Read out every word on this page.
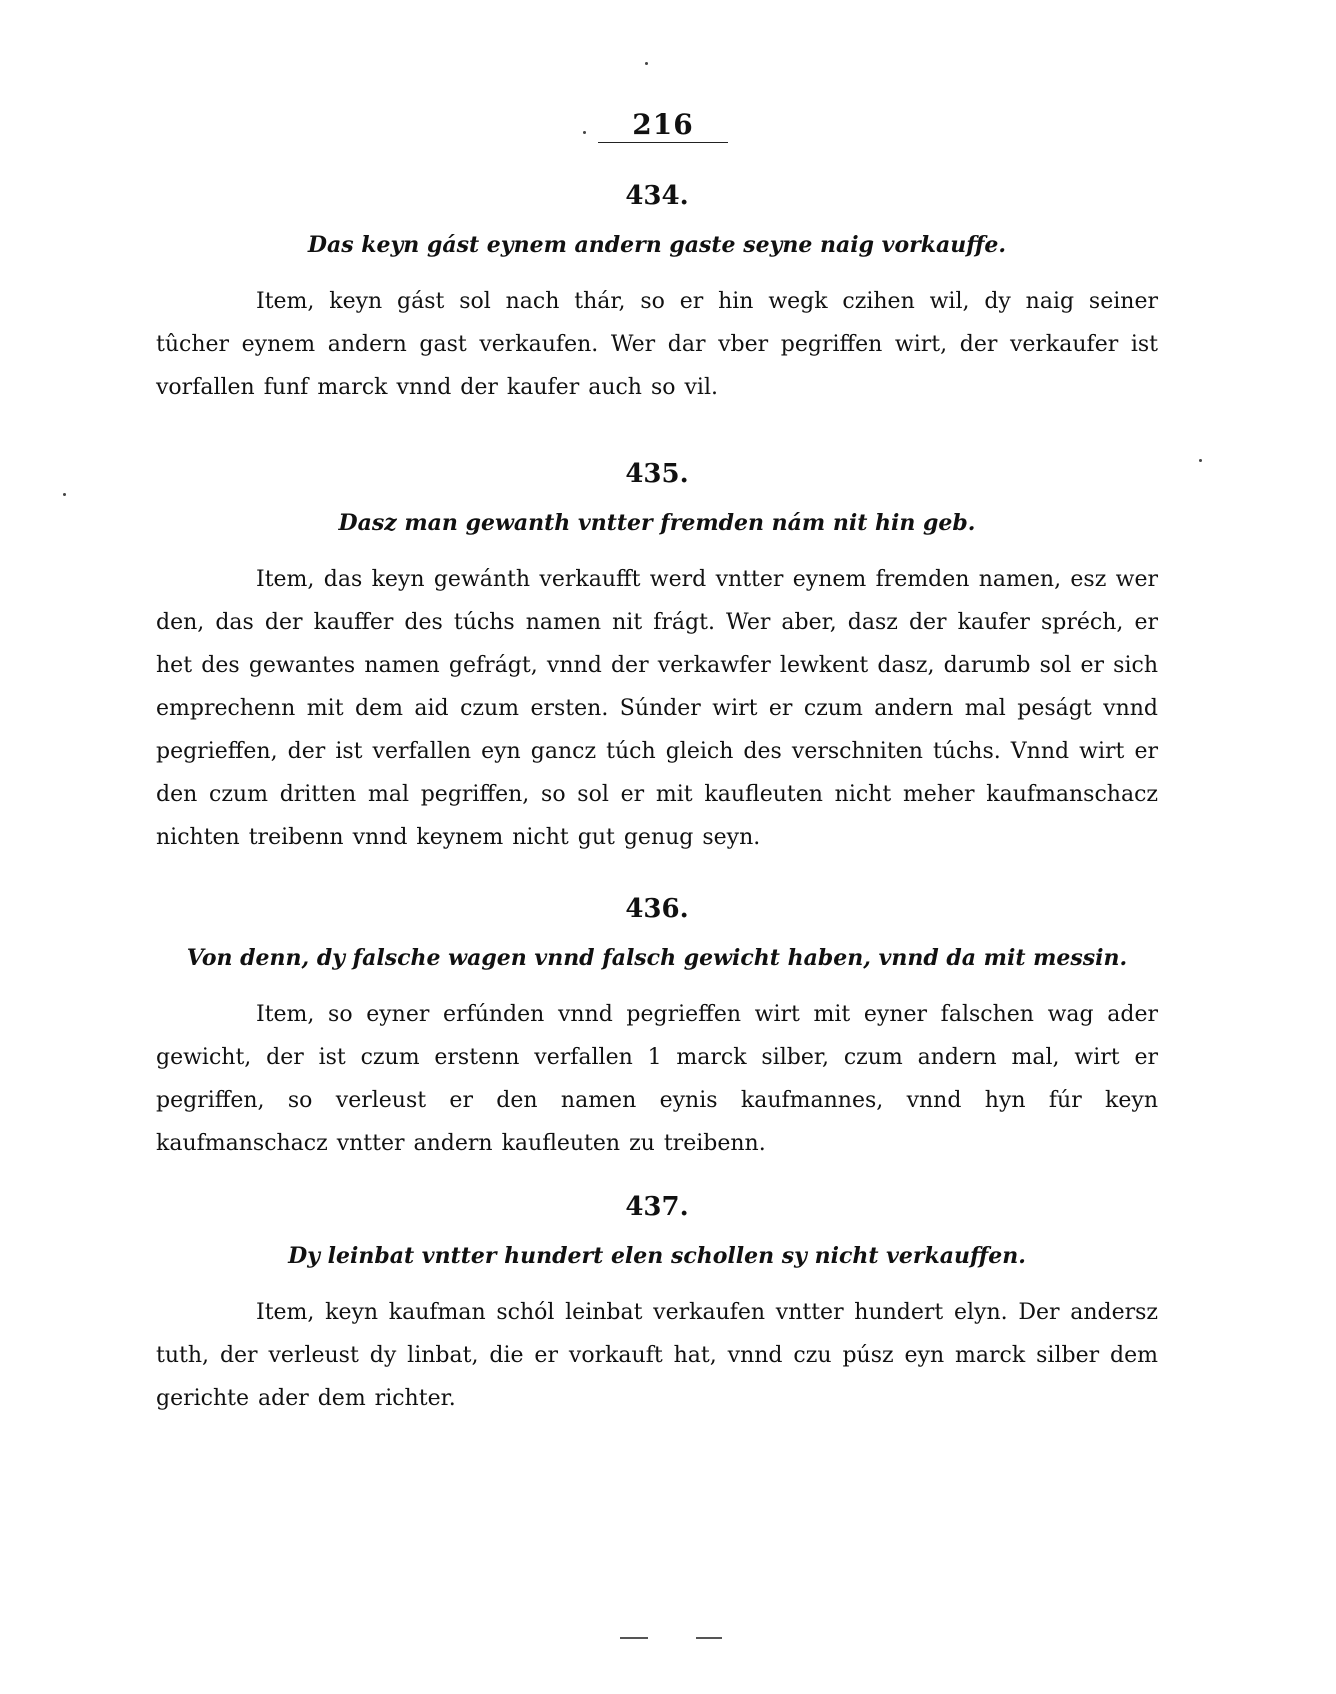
216
434.
Das keyn gást eynem andern gaste seyne naig vorkauffe.

Item, keyn gást sol nach thár, so er hin wegk czihen wil, dy naig seiner tûcher eynem andern gast verkaufen. Wer dar vber pegriffen wirt, der verkaufer ist vorfallen funf marck vnnd der kaufer auch so vil.

435.
Dasz man gewanth vntter fremden nám nit hin geb.

Item, das keyn gewánth verkaufft werd vntter eynem fremden namen, esz wer den, das der kauffer des túchs namen nit frágt. Wer aber, dasz der kaufer spréch, er het des gewantes namen gefrágt, vnnd der verkawfer lewkent dasz, darumb sol er sich emprechenn mit dem aid czum ersten. Súnder wirt er czum andern mal peságt vnnd pegrieffen, der ist verfallen eyn gancz túch gleich des verschniten túchs. Vnnd wirt er den czum dritten mal pegriffen, so sol er mit kaufleuten nicht meher kaufmanschacz nichten treibenn vnnd keynem nicht gut genug seyn.

436.
Von denn, dy falsche wagen vnnd falsch gewicht haben, vnnd da mit messin.

Item, so eyner erfúnden vnnd pegrieffen wirt mit eyner falschen wag ader gewicht, der ist czum erstenn verfallen 1 marck silber, czum andern mal, wirt er pegriffen, so verleust er den namen eynis kaufmannes, vnnd hyn fúr keyn kaufmanschacz vntter andern kaufleuten zu treibenn.

437.
Dy leinbat vntter hundert elen schollen sy nicht verkauffen.

Item, keyn kaufman schól leinbat verkaufen vntter hundert elyn. Der andersz tuth, der verleust dy linbat, die er vorkauft hat, vnnd czu púsz eyn marck silber dem gerichte ader dem richter.
